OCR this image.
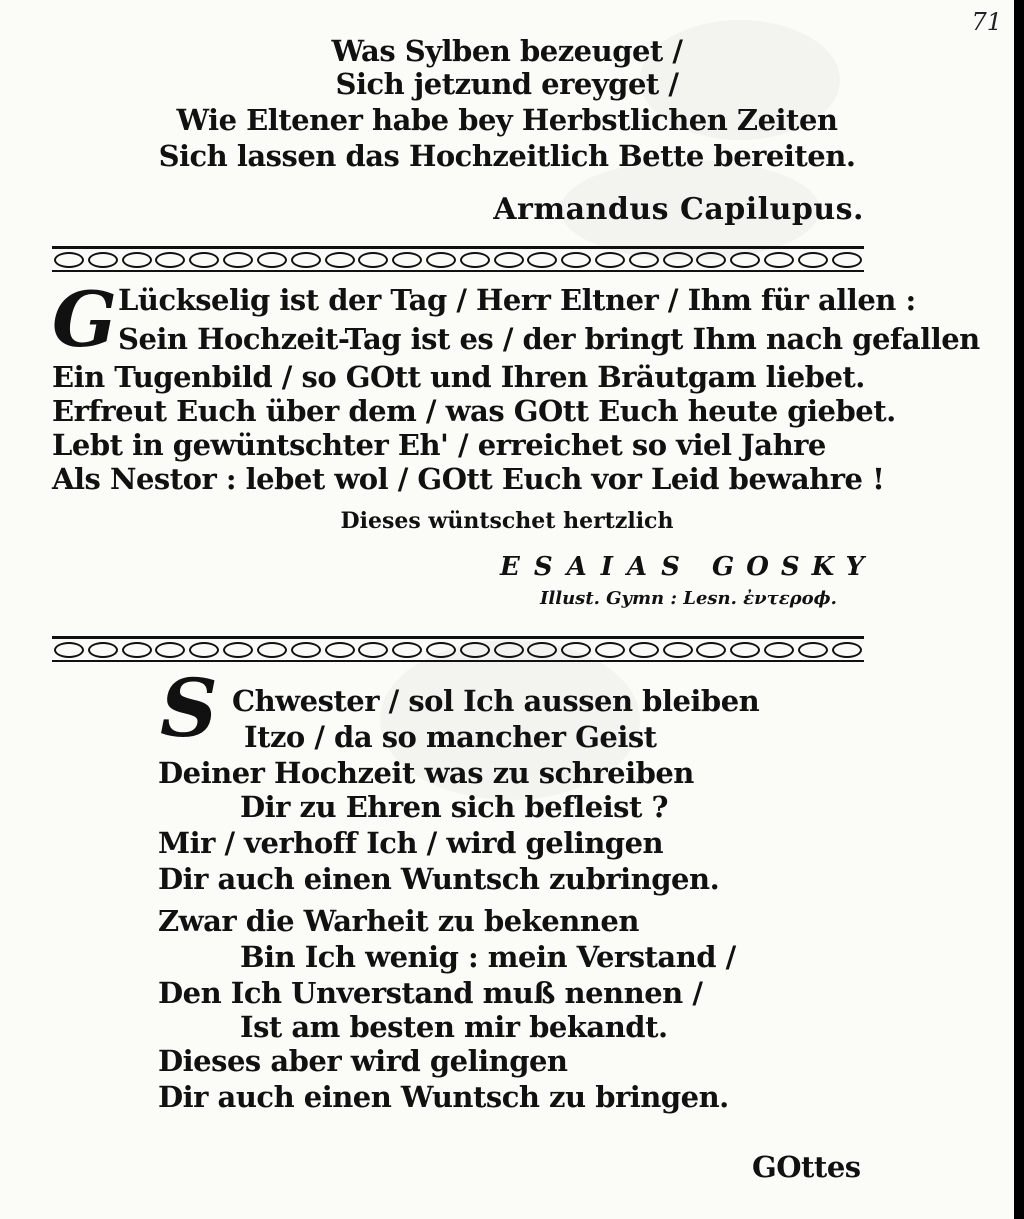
71
Was Sylben bezeuget /
Sich jetzund ereyget /
Wie Eltener habe bey Herbstlichen Zeiten
Sich lassen das Hochzeitlich Bette bereiten.
Armandus Capilupus.
G Lückselig ist der Tag / Herr Eltner / Ihm für allen :
Sein Hochzeit-Tag ist es / der bringt Ihm nach gefallen
Ein Tugenbild / so GOtt und Ihren Bräutgam liebet.
Erfreut Euch über dem / was GOtt Euch heute giebet.
Lebt in gewüntschter Eh' / erreichet so viel Jahre
Als Nestor : lebet wol / GOtt Euch vor Leid bewahre !
Dieses wüntschet hertzlich
ESAIAS GOSKY
Illust. Gymn : Lesn. ἐντεροϕ.
S Chwester / sol Ich aussen bleiben
Itzo / da so mancher Geist
Deiner Hochzeit was zu schreiben
Dir zu Ehren sich befleist ?
Mir / verhoff Ich / wird gelingen
Dir auch einen Wuntsch zubringen.
Zwar die Warheit zu bekennen
Bin Ich wenig : mein Verstand /
Den Ich Unverstand muß nennen /
Ist am besten mir bekandt.
Dieses aber wird gelingen
Dir auch einen Wuntsch zu bringen.
GOttes
